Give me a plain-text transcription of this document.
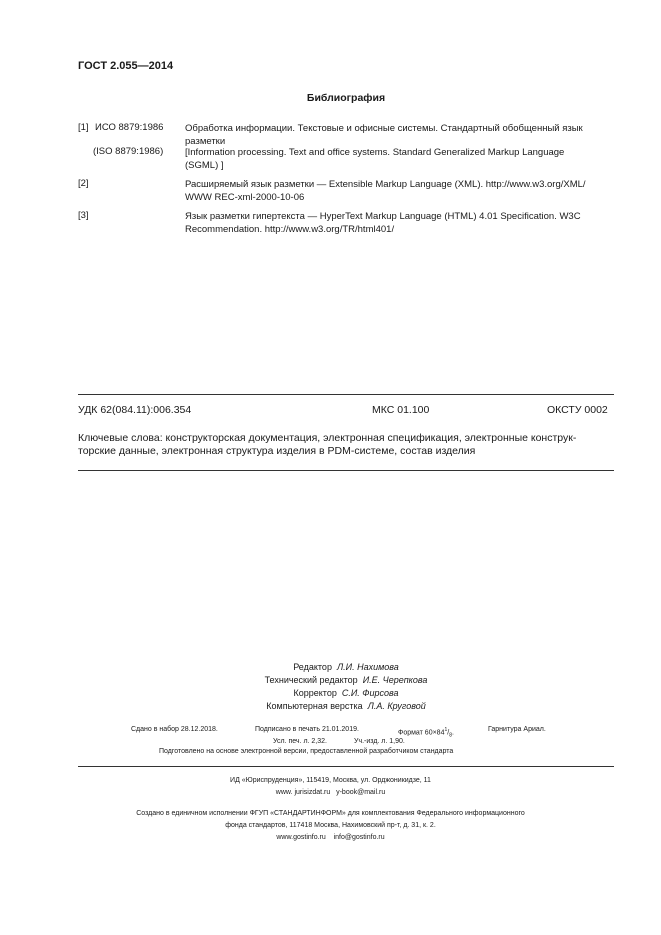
ГОСТ 2.055—2014
Библиография
[1] ИСО 8879:1986 Обработка информации. Текстовые и офисные системы. Стандартный обобщенный язык
разметки
(ISO 8879:1986) [Information processing. Text and office systems. Standard Generalized Markup Language
(SGML) ]
[2]	Расширяемый язык разметки — Extensible Markup Language (XML). http://www.w3.org/XML/
WWW REC-xml-2000-10-06
[3]	Язык разметки гипертекста — HyperText Markup Language (HTML) 4.01 Specification. W3C
Recommendation. http://www.w3.org/TR/html401/
УДК 62(084.11):006.354	МКС 01.100	ОКСТУ 0002
Ключевые слова: конструкторская документация, электронная спецификация, электронные конструк-
торские данные, электронная структура изделия в PDM-системе, состав изделия
Редактор Л.И. Нахимова
Технический редактор И.Е. Черепкова
Корректор С.И. Фирсова
Компьютерная верстка Л.А. Круговой
Сдано в набор 28.12.2018.	Подписано в печать 21.01.2019.	Формат $60\times 84^1/_8$.	Гарнитура Ариал.
Усл. печ. л. 2,32.	Уч.-изд. л. 1,90.
Подготовлено на основе электронной версии, предоставленной разработчиком стандарта
ИД «Юриспруденция», 115419, Москва, ул. Орджоникидзе, 11
www. jurisizdat.ru y-book@mail.ru
Создано в единичном исполнении ФГУП «СТАНДАРТИНФОРМ» для комплектования Федерального информационного
фонда стандартов, 117418 Москва, Нахимовский пр-т, д. 31, к. 2.
www.gostinfo.ru info@gostinfo.ru
